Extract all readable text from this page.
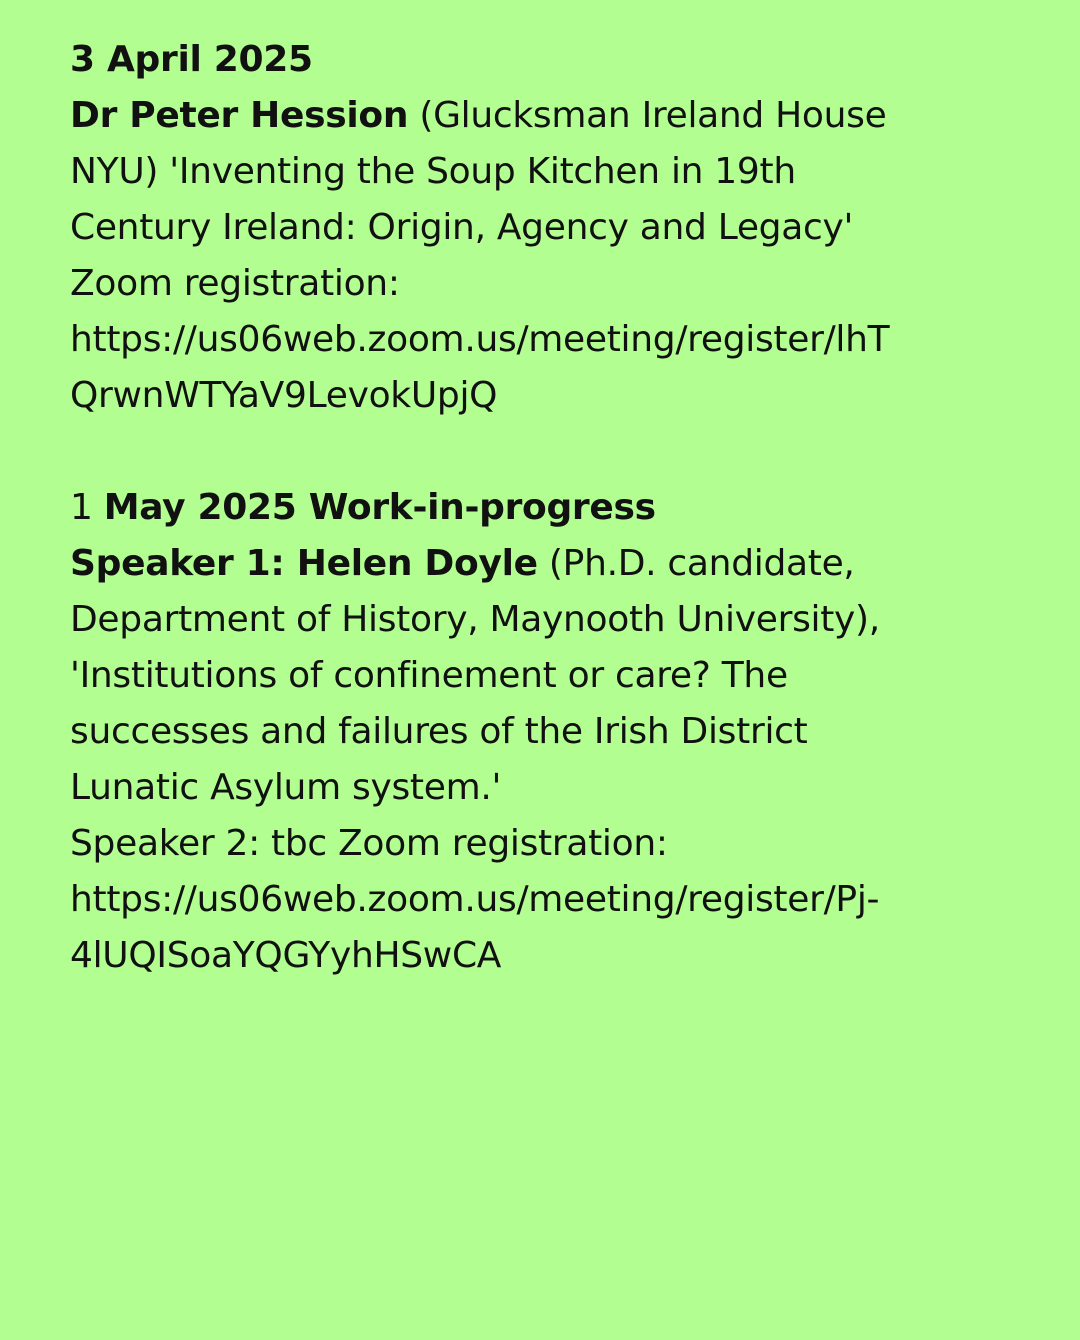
3 April 2025
Dr Peter Hession (Glucksman Ireland House
NYU) 'Inventing the Soup Kitchen in 19th
Century Ireland: Origin, Agency and Legacy'
Zoom registration:
https://us06web.zoom.us/meeting/register/lhT
QrwnWTYaV9LevokUpjQ
1 May 2025 Work-in-progress
Speaker 1: Helen Doyle (Ph.D. candidate,
Department of History, Maynooth University),
'Institutions of confinement or care? The
successes and failures of the Irish District
Lunatic Asylum system.'
Speaker 2: tbc Zoom registration:
https://us06web.zoom.us/meeting/register/Pj-
4lUQISoaYQGYyhHSwCA
